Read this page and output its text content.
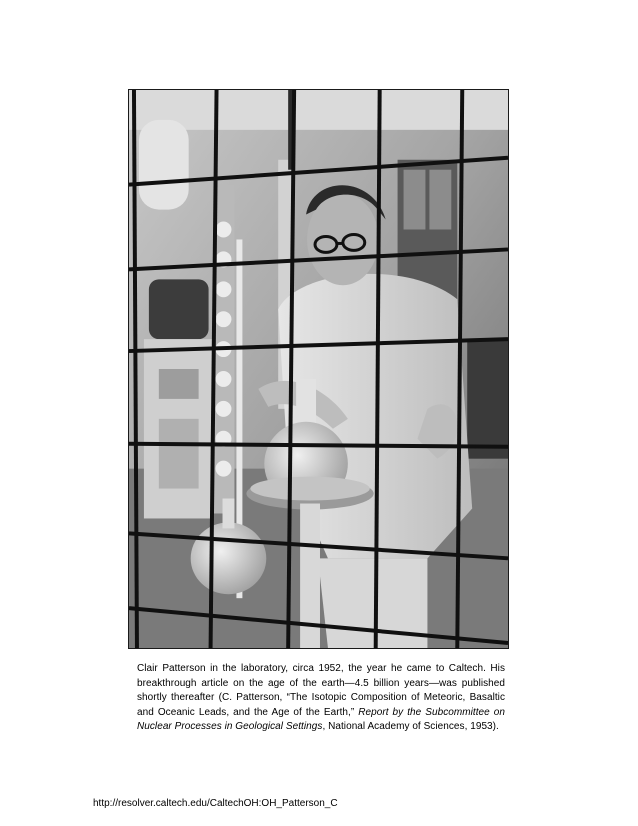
Clair Patterson in the laboratory, circa 1952, the year he came to Caltech. His breakthrough article on the age of the earth—4.5 billion years—was published shortly thereafter (C. Patterson, “The Isotopic Composition of Meteoric, Basaltic and Oceanic Leads, and the Age of the Earth,” Report by the Subcommittee on Nuclear Processes in Geological Settings, National Academy of Sciences, 1953).
http://resolver.caltech.edu/CaltechOH:OH_Patterson_C
